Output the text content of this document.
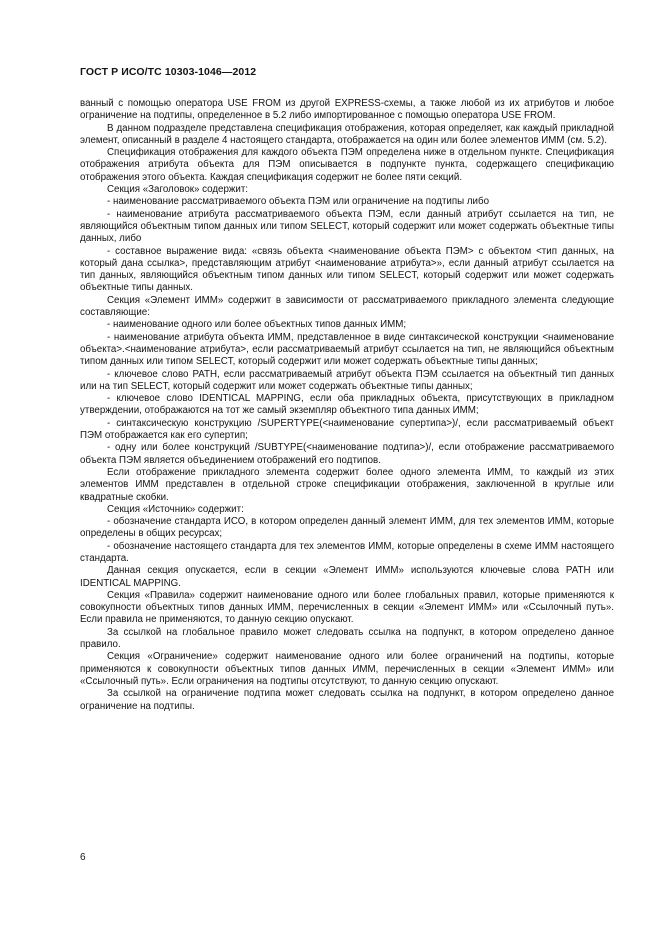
ГОСТ Р ИСО/ТС 10303-1046—2012

ванный с помощью оператора USE FROM из другой EXPRESS-схемы, а также любой из их атрибутов и любое ограничение на подтипы, определенное в 5.2 либо импортированное с помощью оператора USE FROM.

В данном подразделе представлена спецификация отображения, которая определяет, как каждый прикладной элемент, описанный в разделе 4 настоящего стандарта, отображается на один или более элементов ИММ (см. 5.2).

Спецификация отображения для каждого объекта ПЭМ определена ниже в отдельном пункте. Спецификация отображения атрибута объекта для ПЭМ описывается в подпункте пункта, содержащего спецификацию отображения этого объекта. Каждая спецификация содержит не более пяти секций.

Секция «Заголовок» содержит:

- наименование рассматриваемого объекта ПЭМ или ограничение на подтипы либо

- наименование атрибута рассматриваемого объекта ПЭМ, если данный атрибут ссылается на тип, не являющийся объектным типом данных или типом SELECT, который содержит или может содержать объектные типы данных, либо

- составное выражение вида: «связь объекта <наименование объекта ПЭМ> с объектом <тип данных, на который дана ссылка>, представляющим атрибут <наименование атрибута>», если данный атрибут ссылается на тип данных, являющийся объектным типом данных или типом SELECT, который содержит или может содержать объектные типы данных.

Секция «Элемент ИММ» содержит в зависимости от рассматриваемого прикладного элемента следующие составляющие:

- наименование одного или более объектных типов данных ИММ;

- наименование атрибута объекта ИММ, представленное в виде синтаксической конструкции <наименование объекта>.<наименование атрибута>, если рассматриваемый атрибут ссылается на тип, не являющийся объектным типом данных или типом SELECT, который содержит или может содержать объектные типы данных;

- ключевое слово PATH, если рассматриваемый атрибут объекта ПЭМ ссылается на объектный тип данных или на тип SELECT, который содержит или может содержать объектные типы данных;

- ключевое слово IDENTICAL MAPPING, если оба прикладных объекта, присутствующих в прикладном утверждении, отображаются на тот же самый экземпляр объектного типа данных ИММ;

- синтаксическую конструкцию /SUPERTYPE(<наименование супертипа>)/, если рассматриваемый объект ПЭМ отображается как его супертип;

- одну или более конструкций /SUBTYPE(<наименование подтипа>)/, если отображение рассматриваемого объекта ПЭМ является объединением отображений его подтипов.

Если отображение прикладного элемента содержит более одного элемента ИММ, то каждый из этих элементов ИММ представлен в отдельной строке спецификации отображения, заключенной в круглые или квадратные скобки.

Секция «Источник» содержит:

- обозначение стандарта ИСО, в котором определен данный элемент ИММ, для тех элементов ИММ, которые определены в общих ресурсах;

- обозначение настоящего стандарта для тех элементов ИММ, которые определены в схеме ИММ настоящего стандарта.

Данная секция опускается, если в секции «Элемент ИММ» используются ключевые слова PATH или IDENTICAL MAPPING.

Секция «Правила» содержит наименование одного или более глобальных правил, которые применяются к совокупности объектных типов данных ИММ, перечисленных в секции «Элемент ИММ» или «Ссылочный путь». Если правила не применяются, то данную секцию опускают.

За ссылкой на глобальное правило может следовать ссылка на подпункт, в котором определено данное правило.

Секция «Ограничение» содержит наименование одного или более ограничений на подтипы, которые применяются к совокупности объектных типов данных ИММ, перечисленных в секции «Элемент ИММ» или «Ссылочный путь». Если ограничения на подтипы отсутствуют, то данную секцию опускают.

За ссылкой на ограничение подтипа может следовать ссылка на подпункт, в котором определено данное ограничение на подтипы.

6
